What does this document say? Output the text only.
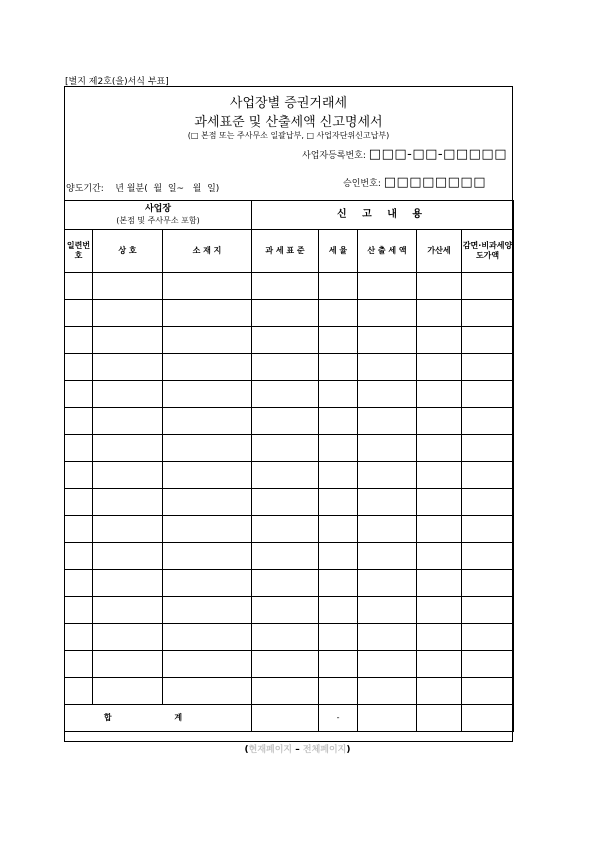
[별지 제2호(을)서식 부표]
사업장별 증권거래세
과세표준 및 산출세액 신고명세서
(□ 본점 또는 주사무소 일괄납부, □ 사업자단위신고납부)
사업자등록번호: □□□-□□-□□□□□
양도기간:    년 월분(  월  일~   월  일)	승인번호: □□□□□□□□
사업장
(본점 및 주사무소 포함)			신 고 내 용				
일련번호	상 호	소 재 지	과 세 표 준	세 율	산 출 세 액	가산세	감면·비과세양도가액

합 계				-			
(현재페이지 – 전체페이지)
